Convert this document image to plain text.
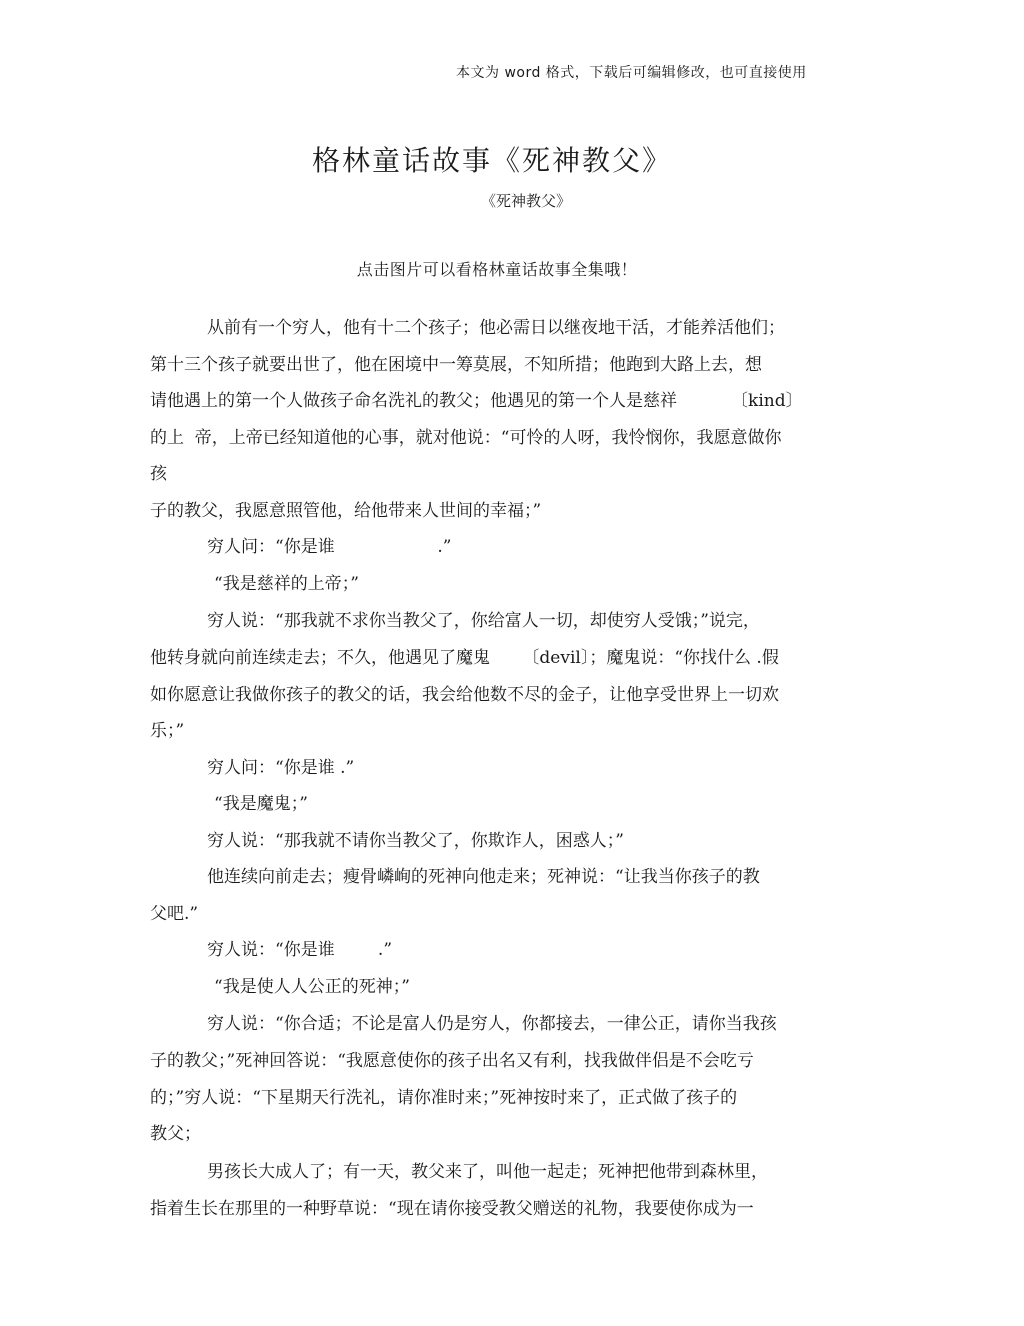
本文为 word 格式，下载后可编辑修改，也可直接使用
格林童话故事《死神教父》
《死神教父》
点击图片可以看格林童话故事全集哦！
从前有一个穷人，他有十二个孩子；他必需日以继夜地干活，才能养活他们；
第十三个孩子就要出世了，他在困境中一筹莫展，不知所措；他跑到大路上去，想
请他遇上的第一个人做孩子命名洗礼的教父；他遇见的第一个人是慈祥          〔kind〕
的上  帝，上帝已经知道他的心事，就对他说：“可怜的人呀，我怜悯你，我愿意做你
孩
子的教父，我愿意照管他，给他带来人世间的幸福；”
穷人问：“你是谁                   .”
“我是慈祥的上帝；”
穷人说：“那我就不求你当教父了，你给富人一切，却使穷人受饿；”说完，
他转身就向前连续走去；不久，他遇见了魔鬼      〔devil〕；魔鬼说：“你找什么 .假
如你愿意让我做你孩子的教父的话，我会给他数不尽的金子，让他享受世界上一切欢
乐；”
穷人问：“你是谁 .”
“我是魔鬼；”
穷人说：“那我就不请你当教父了，你欺诈人，困惑人；”
他连续向前走去；瘦骨嶙峋的死神向他走来；死神说：“让我当你孩子的教
父吧.”
穷人说：“你是谁        .”
“我是使人人公正的死神；”
穷人说：“你合适；不论是富人仍是穷人，你都接去，一律公正，请你当我孩
子的教父；”死神回答说：“我愿意使你的孩子出名又有利，找我做伴侣是不会吃亏
的；”穷人说：“下星期天行洗礼，请你准时来；”死神按时来了，正式做了孩子的
教父；
男孩长大成人了；有一天，教父来了，叫他一起走；死神把他带到森林里，
指着生长在那里的一种野草说：“现在请你接受教父赠送的礼物，我要使你成为一
